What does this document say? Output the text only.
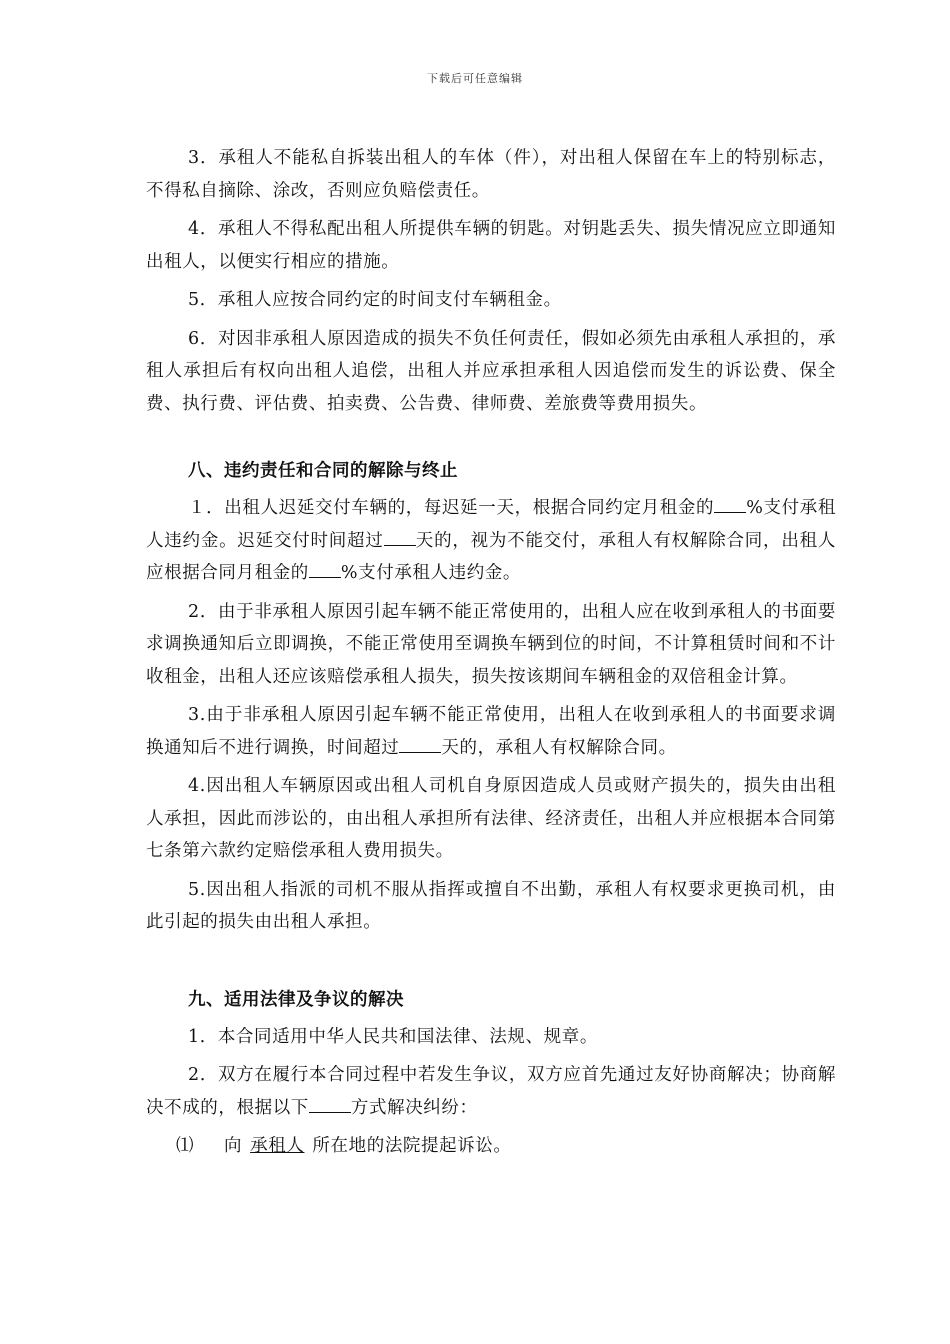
下载后可任意编辑

3．承租人不能私自拆装出租人的车体（件），对出租人保留在车上的特别标志，不得私自摘除、涂改，否则应负赔偿责任。

4．承租人不得私配出租人所提供车辆的钥匙。对钥匙丢失、损失情况应立即通知出租人，以便实行相应的措施。

5．承租人应按合同约定的时间支付车辆租金。

6．对因非承租人原因造成的损失不负任何责任，假如必须先由承租人承担的，承租人承担后有权向出租人追偿，出租人并应承担承租人因追偿而发生的诉讼费、保全费、执行费、评估费、拍卖费、公告费、律师费、差旅费等费用损失。

八、违约责任和合同的解除与终止

１．出租人迟延交付车辆的，每迟延一天，根据合同约定月租金的 %支付承租人违约金。迟延交付时间超过 天的，视为不能交付，承租人有权解除合同，出租人应根据合同月租金的 %支付承租人违约金。

2．由于非承租人原因引起车辆不能正常使用的，出租人应在收到承租人的书面要求调换通知后立即调换，不能正常使用至调换车辆到位的时间，不计算租赁时间和不计收租金，出租人还应该赔偿承租人损失，损失按该期间车辆租金的双倍租金计算。

3.由于非承租人原因引起车辆不能正常使用，出租人在收到承租人的书面要求调换通知后不进行调换，时间超过 天的，承租人有权解除合同。

4.因出租人车辆原因或出租人司机自身原因造成人员或财产损失的，损失由出租人承担，因此而涉讼的，由出租人承担所有法律、经济责任，出租人并应根据本合同第七条第六款约定赔偿承租人费用损失。

5.因出租人指派的司机不服从指挥或擅自不出勤，承租人有权要求更换司机，由此引起的损失由出租人承担。

九、适用法律及争议的解决

1．本合同适用中华人民共和国法律、法规、规章。

2．双方在履行本合同过程中若发生争议，双方应首先通过友好协商解决；协商解决不成的，根据以下 方式解决纠纷：

⑴ 向 承租人 所在地的法院提起诉讼。
